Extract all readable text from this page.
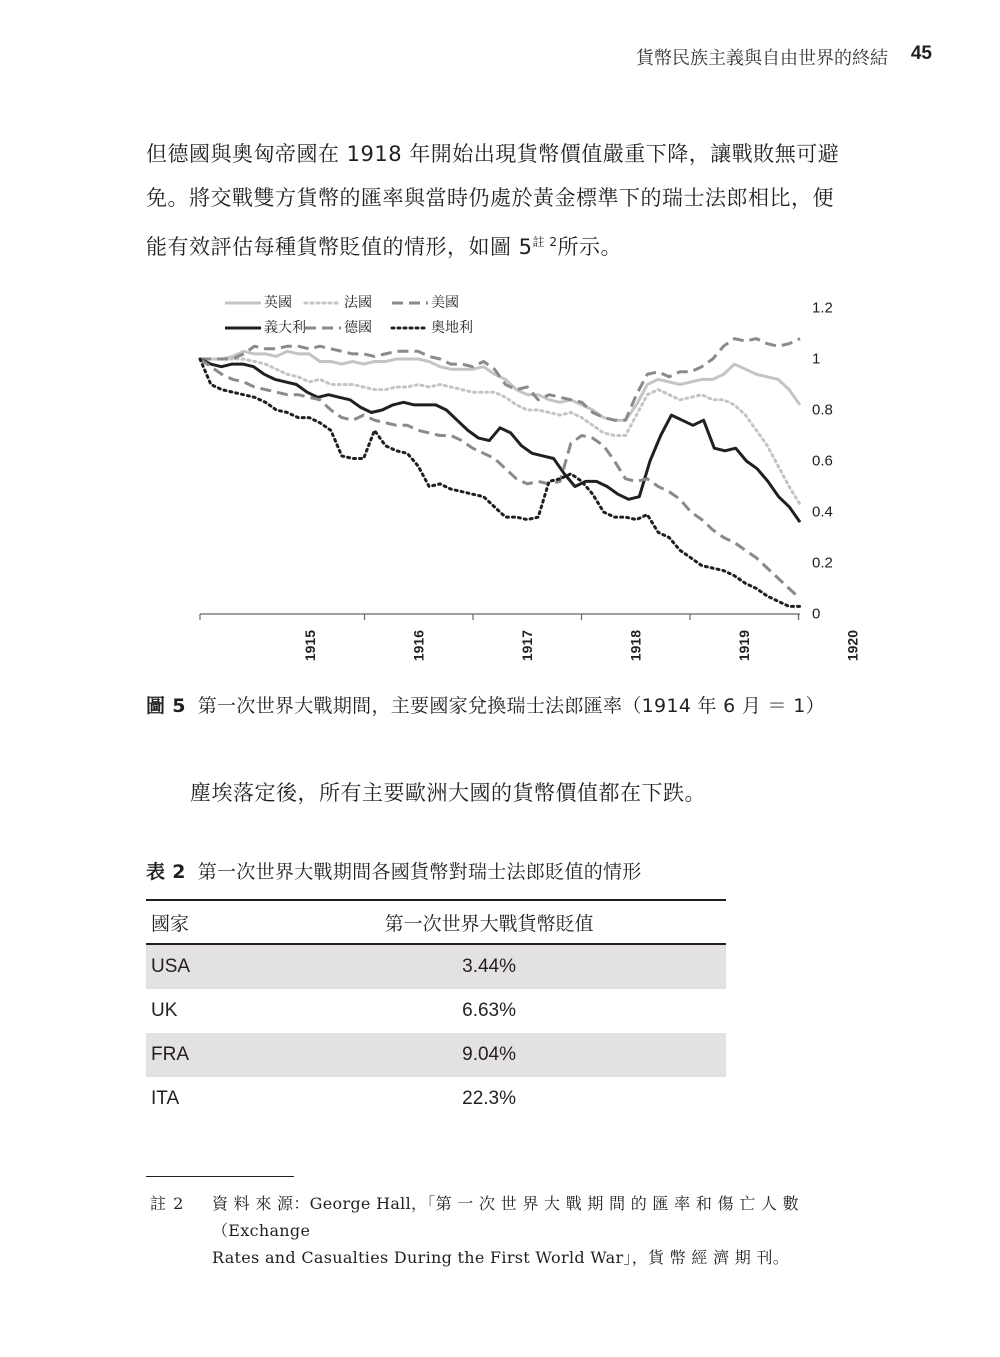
貨幣民族主義與自由世界的終結 45

但德國與奧匈帝國在 1918 年開始出現貨幣價值嚴重下降，讓戰敗無可避
免。將交戰雙方貨幣的匯率與當時仍處於黃金標準下的瑞士法郎相比，便
能有效評估每種貨幣貶值的情形，如圖 $5^{註 2}$所示。

1915	1916	1917	1918	1919	1920
0
0.2
0.4
0.6
0.8
1
1.2
英國	法國	美國
義大利	德國	奧地利

圖 5 第一次世界大戰期間，主要國家兌換瑞士法郎匯率（1914 年 6 月 ＝ 1）

塵埃落定後，所有主要歐洲大國的貨幣價值都在下跌。

表 2 第一次世界大戰期間各國貨幣對瑞士法郎貶值的情形

國家	第一次世界大戰貨幣貶值
USA	3.44%
UK	6.63%
FRA	9.04%
ITA	22.3%
註 2 資 料 來 源：George Hall，「第 一 次 世 界 大 戰 期 間 的 匯 率 和 傷 亡 人 數（Exchange
Rates and Casualties During the First World War」，貨 幣 經 濟 期 刊。
